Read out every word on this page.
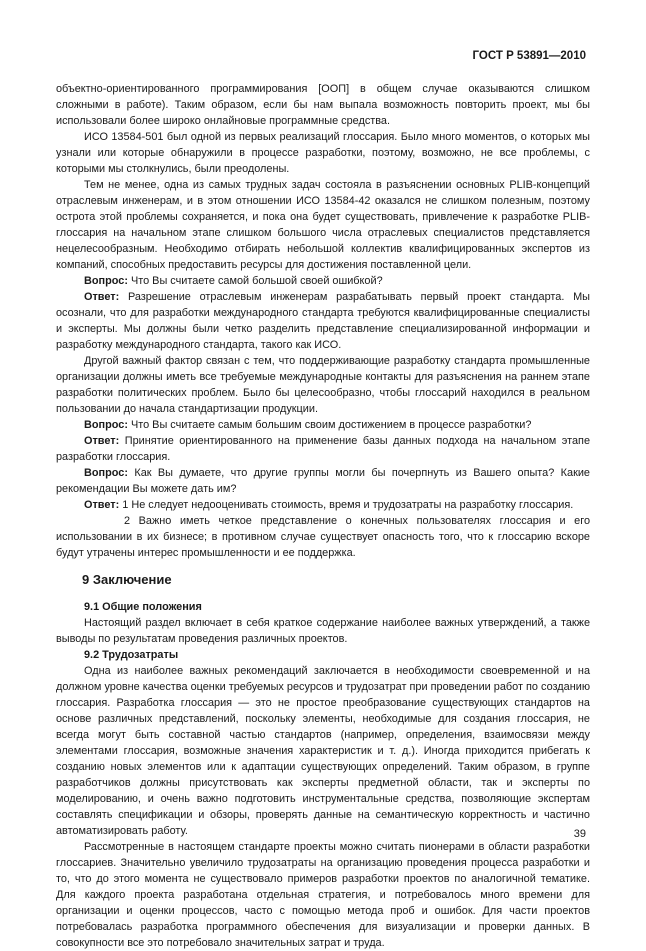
ГОСТ Р 53891—2010

объектно-ориентированного программирования [ООП] в общем случае оказываются слишком сложными в работе). Таким образом, если бы нам выпала возможность повторить проект, мы бы использовали более широко онлайновые программные средства.

ИСО 13584-501 был одной из первых реализаций глоссария. Было много моментов, о которых мы узнали или которые обнаружили в процессе разработки, поэтому, возможно, не все проблемы, с которыми мы столкнулись, были преодолены.

Тем не менее, одна из самых трудных задач состояла в разъяснении основных PLIB-концепций отраслевым инженерам, и в этом отношении ИСО 13584-42 оказался не слишком полезным, поэтому острота этой проблемы сохраняется, и пока она будет существовать, привлечение к разработке PLIB-глоссария на начальном этапе слишком большого числа отраслевых специалистов представляется нецелесообразным. Необходимо отбирать небольшой коллектив квалифицированных экспертов из компаний, способных предоставить ресурсы для достижения поставленной цели.

Вопрос: Что Вы считаете самой большой своей ошибкой?

Ответ: Разрешение отраслевым инженерам разрабатывать первый проект стандарта. Мы осознали, что для разработки международного стандарта требуются квалифицированные специалисты и эксперты. Мы должны были четко разделить представление специализированной информации и разработку международного стандарта, такого как ИСО.

Другой важный фактор связан с тем, что поддерживающие разработку стандарта промышленные организации должны иметь все требуемые международные контакты для разъяснения на раннем этапе разработки политических проблем. Было бы целесообразно, чтобы глоссарий находился в реальном пользовании до начала стандартизации продукции.

Вопрос: Что Вы считаете самым большим своим достижением в процессе разработки?

Ответ: Принятие ориентированного на применение базы данных подхода на начальном этапе разработки глоссария.

Вопрос: Как Вы думаете, что другие группы могли бы почерпнуть из Вашего опыта? Какие рекомендации Вы можете дать им?

Ответ: 1 Не следует недооценивать стоимость, время и трудозатраты на разработку глоссария.

2 Важно иметь четкое представление о конечных пользователях глоссария и его использовании в их бизнесе; в противном случае существует опасность того, что к глоссарию вскоре будут утрачены интерес промышленности и ее поддержка.

9 Заключение
9.1 Общие положения

Настоящий раздел включает в себя краткое содержание наиболее важных утверждений, а также выводы по результатам проведения различных проектов.

9.2 Трудозатраты

Одна из наиболее важных рекомендаций заключается в необходимости своевременной и на должном уровне качества оценки требуемых ресурсов и трудозатрат при проведении работ по созданию глоссария. Разработка глоссария — это не простое преобразование существующих стандартов на основе различных представлений, поскольку элементы, необходимые для создания глоссария, не всегда могут быть составной частью стандартов (например, определения, взаимосвязи между элементами глоссария, возможные значения характеристик и т. д.). Иногда приходится прибегать к созданию новых элементов или к адаптации существующих определений. Таким образом, в группе разработчиков должны присутствовать как эксперты предметной области, так и эксперты по моделированию, и очень важно подготовить инструментальные средства, позволяющие экспертам составлять спецификации и обзоры, проверять данные на семантическую корректность и частично автоматизировать работу.

Рассмотренные в настоящем стандарте проекты можно считать пионерами в области разработки глоссариев. Значительно увеличило трудозатраты на организацию проведения процесса разработки и то, что до этого момента не существовало примеров разработки проектов по аналогичной тематике. Для каждого проекта разработана отдельная стратегия, и потребовалось много времени для организации и оценки процессов, часто с помощью метода проб и ошибок. Для части проектов потребовалась разработка программного обеспечения для визуализации и проверки данных. В совокупности все это потребовало значительных затрат и труда.

39
